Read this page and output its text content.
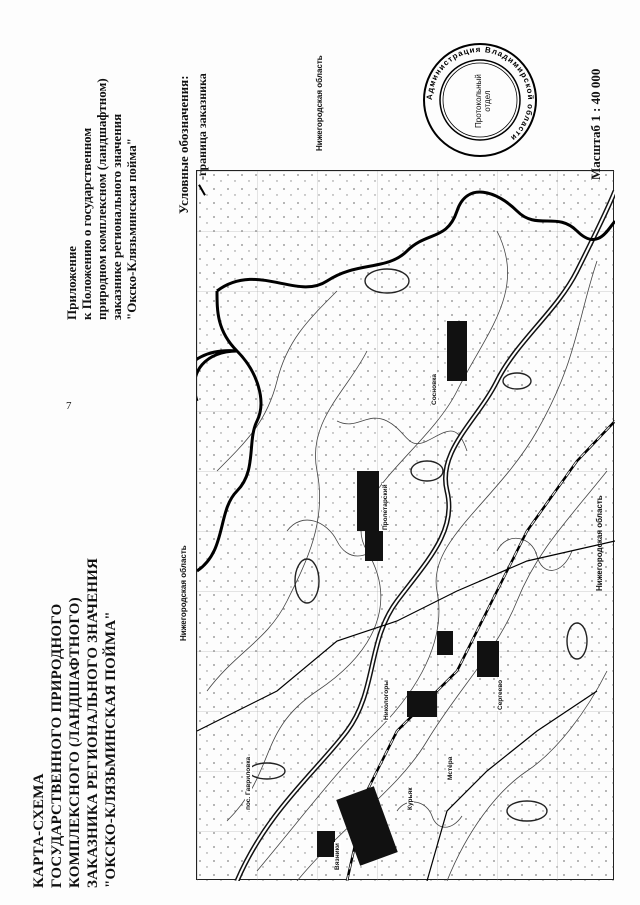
7
КАРТА-СХЕМА ГОСУДАРСТВЕННОГО ПРИРОДНОГО КОМПЛЕКСНОГО (ЛАНДШАФТНОГО) ЗАКАЗНИКА РЕГИОНАЛЬНОГО ЗНАЧЕНИЯ "ОКСКО-КЛЯЗЬМИНСКАЯ ПОЙМА"
Нижегородская область
Нижегородская область
Нижегородская область
пос. Гавриловка
Вязники
Мстёра
Сосновка
Пролетарский
Никологоры
Курьяк
Сергеево
Приложение к Положению о государственном природном комплексном (ландшафтном) заказнике регионального значения "Окско-Клязьминская пойма"	Условные обозначения: -граница заказника	Администрация Владимирской области
Протокольный отдел	Масштаб 1 : 40 000
